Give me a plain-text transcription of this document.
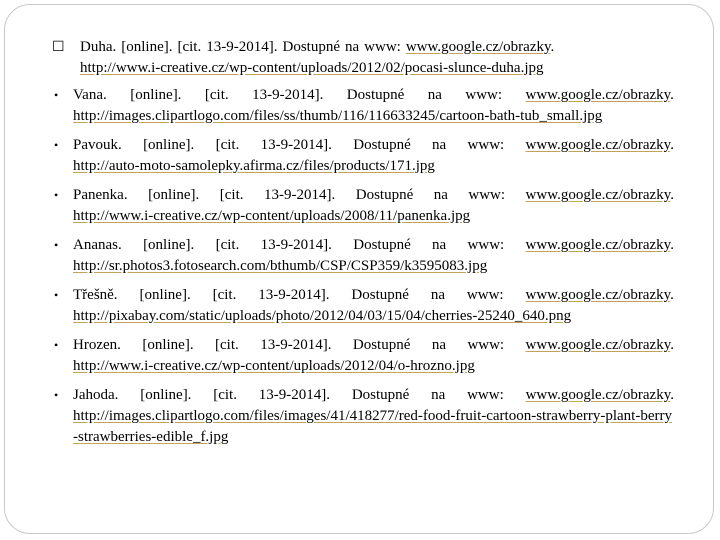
☐ Duha. [online]. [cit. 13-9-2014]. Dostupné na www: www.google.cz/obrazky.
http://www.i-creative.cz/wp-content/uploads/2012/02/pocasi-slunce-duha.jpg
• Vana. [online]. [cit. 13-9-2014]. Dostupné na www: www.google.cz/obrazky.
http://images.clipartlogo.com/files/ss/thumb/116/116633245/cartoon-bath-tub_small.jpg
• Pavouk. [online]. [cit. 13-9-2014]. Dostupné na www: www.google.cz/obrazky.
http://auto-moto-samolepky.afirma.cz/files/products/171.jpg
• Panenka. [online]. [cit. 13-9-2014]. Dostupné na www: www.google.cz/obrazky.
http://www.i-creative.cz/wp-content/uploads/2008/11/panenka.jpg
• Ananas. [online]. [cit. 13-9-2014]. Dostupné na www: www.google.cz/obrazky.
http://sr.photos3.fotosearch.com/bthumb/CSP/CSP359/k3595083.jpg
• Třešně. [online]. [cit. 13-9-2014]. Dostupné na www: www.google.cz/obrazky.
http://pixabay.com/static/uploads/photo/2012/04/03/15/04/cherries-25240_640.png
• Hrozen. [online]. [cit. 13-9-2014]. Dostupné na www: www.google.cz/obrazky.
http://www.i-creative.cz/wp-content/uploads/2012/04/o-hrozno.jpg
• Jahoda. [online]. [cit. 13-9-2014]. Dostupné na www: www.google.cz/obrazky.
http://images.clipartlogo.com/files/images/41/418277/red-food-fruit-cartoon-strawberry-plant-berry-strawberries-edible_f.jpg
